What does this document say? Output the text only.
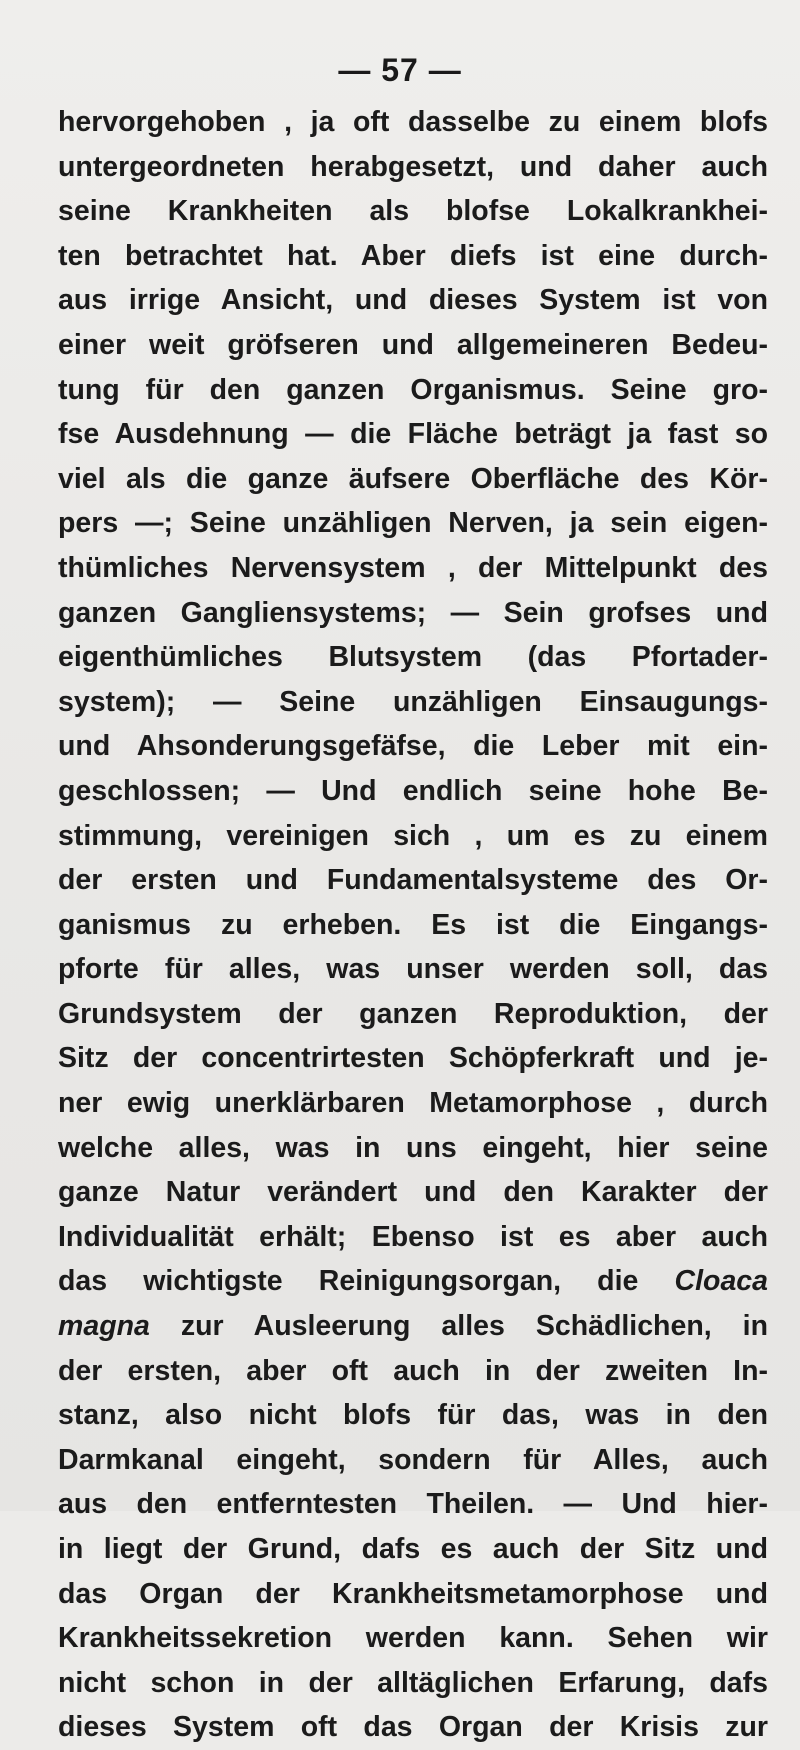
— 57 —
hervorgehoben , ja oft dasselbe zu einem blofs
untergeordneten herabgesetzt, und daher auch
seine Krankheiten als blofse Lokalkrankhei-
ten betrachtet hat. Aber diefs ist eine durch-
aus irrige Ansicht, und dieses System ist von
einer weit gröfseren und allgemeineren Bedeu-
tung für den ganzen Organismus. Seine gro-
fse Ausdehnung — die Fläche beträgt ja fast so
viel als die ganze äufsere Oberfläche des Kör-
pers —; Seine unzähligen Nerven, ja sein eigen-
thümliches Nervensystem , der Mittelpunkt des
ganzen Gangliensystems; — Sein grofses und
eigenthümliches Blutsystem (das Pfortader-
system); — Seine unzähligen Einsaugungs-
und Ahsonderungsgefäfse, die Leber mit ein-
geschlossen; — Und endlich seine hohe Be-
stimmung, vereinigen sich , um es zu einem
der ersten und Fundamentalsysteme des Or-
ganismus zu erheben. Es ist die Eingangs-
pforte für alles, was unser werden soll, das
Grundsystem der ganzen Reproduktion, der
Sitz der concentrirtesten Schöpferkraft und je-
ner ewig unerklärbaren Metamorphose , durch
welche alles, was in uns eingeht, hier seine
ganze Natur verändert und den Karakter der
Individualität erhält; Ebenso ist es aber auch
das wichtigste Reinigungsorgan, die Cloaca
magna zur Ausleerung alles Schädlichen, in
der ersten, aber oft auch in der zweiten In-
stanz, also nicht blofs für das, was in den
Darmkanal eingeht, sondern für Alles, auch
aus den entferntesten Theilen. — Und hier-
in liegt der Grund, dafs es auch der Sitz und
das Organ der Krankheitsmetamorphose und
Krankheitssekretion werden kann. Sehen wir
nicht schon in der alltäglichen Erfarung, dafs
dieses System oft das Organ der Krisis zur
